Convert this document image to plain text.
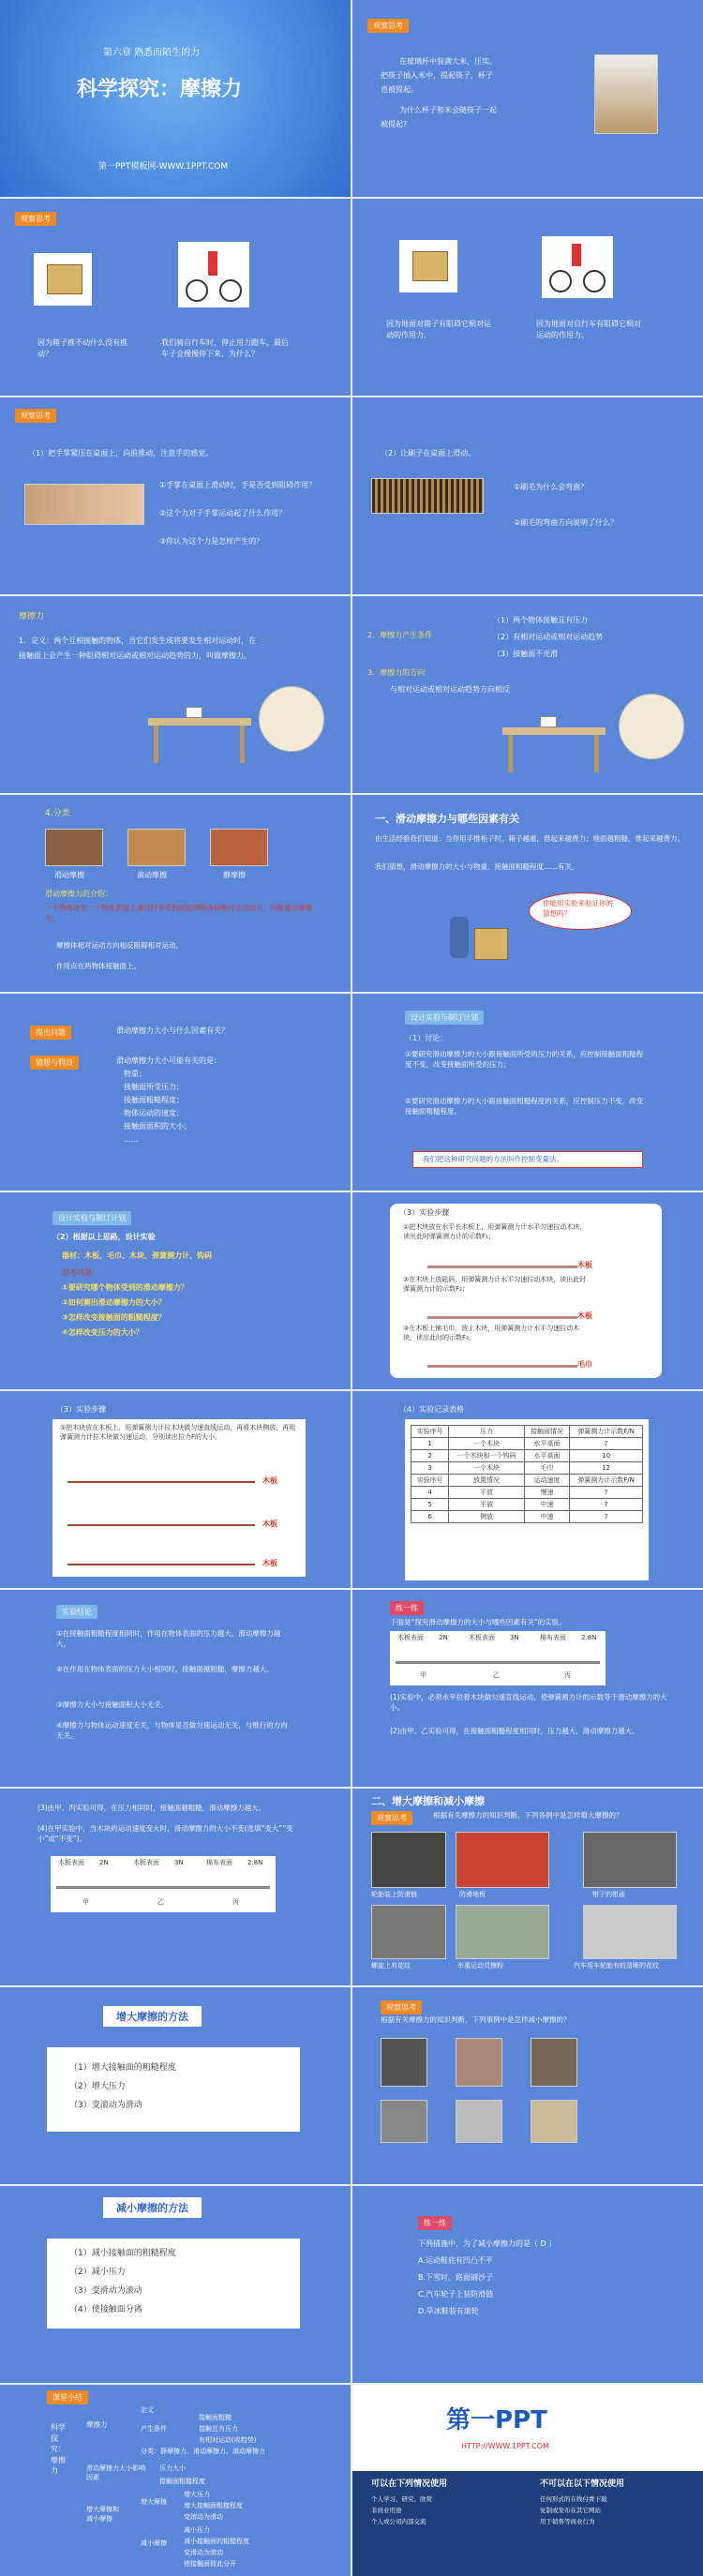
第六章 熟悉而陌生的力
科学探究：摩擦力
第一PPT模板网-WWW.1PPT.COM
观察思考
在玻璃杯中装满大米，压实。
把筷子插入米中，提起筷子，杯子
也被提起。
为什么杯子和米会随筷子一起
被提起?
观察思考
因为箱子推不动什么没有推动？
我们骑自行车时，停止用力蹬车，最后车子会慢慢停下来，为什么？
因为地面对箱子有阻碍它相对运动的作用力。
因为地面对自行车有阻碍它相对运动的作用力。
观察思考
（1）把手掌紧压在桌面上，向前推动，注意手的感觉。
①手掌在桌面上滑动时，手是否受到阻碍作用？
②这个力对于手掌运动起了什么作用？
③你认为这个力是怎样产生的？
（2）让刷子在桌面上滑动。
①刷毛为什么会弯曲？
②刷毛的弯曲方向说明了什么？
摩擦力
1．定义：两个互相接触的物体，当它们发生或将要发生相对运动时，在
接触面上会产生一种阻碍相对运动或相对运动趋势的力，叫做摩擦力。
2．摩擦力产生条件
（1）两个物体接触且有压力
（2）有相对运动或相对运动趋势
（3）接触面不光滑
3．摩擦力的方向
与相对运动或相对运动趋势方向相反
4.分类
滑动摩擦	滚动摩擦	静摩擦
滑动摩擦力的介绍：
一个物体在另一个物体表面上滑动时所受到的阻碍物体间相对运动的力，叫做滑动摩擦力。
摩擦体相对运动方向相反阻碍相对运动。
作用点在两物体接触面上。
一、滑动摩擦力与哪些因素有关
由生活经验我们知道：当你用手推柜子时，箱子越重，推起来越费力；地面越粗糙，推起来越费力。
我们猜想，滑动摩擦力的大小与物重、接触面粗糙程度……有关。
你能用实验来验证你的猜想吗？
提出问题	滑动摩擦力大小与什么因素有关？
猜想与假设	滑动摩擦力大小可能有关的是：
物重；
接触面所受压力；
接触面粗糙程度；
物体运动的速度；
接触面面积的大小；
……
设计实验与制订计划
（1）讨论：
①要研究滑动摩擦力的大小跟接触面所受的压力的关系，应控制接触面粗糙程度不变，改变接触面所受的压力；
②要研究滑动摩擦力的大小跟接触面粗糙程度的关系，应控制压力不变，改变接触面粗糙程度。
我们把这种研究问题的方法叫作控制变量法。
设计实验与制订计划
（2）根据以上思路，设计实验
器材：木板、毛巾、木块、弹簧测力计、钩码
思考问题：
①要研究哪个物体受到的滑动摩擦力？
②如何测出滑动摩擦力的大小？
③怎样改变接触面的粗糙程度？
④怎样改变压力的大小？
（3）实验步骤
①把木块放在水平长木板上，用弹簧测力计水平匀速拉动木块，读出此时弹簧测力计的示数F₁；
木板
②在木块上放砝码，用弹簧测力计水平匀速拉动木块，读出此时弹簧测力计的示数F₂；
木板
③在木板上铺毛巾，放上木块，用弹簧测力计水平匀速拉动木块，读出此时的示数F₃。
毛巾
（3）实验步骤
①把木块放在木板上，用弹簧测力计拉木块做匀速直线运动，再将木块侧放，再用弹簧测力计拉木块做匀速运动，分别读出拉力F的大小。
木板
木板
木板
（4）实验记录表格
实验序号	压力	接触面情况	弹簧测力计示数F/N
1	一个木块	水平桌面	?
2	一个木块和一个钩码	水平桌面	10
3	一个木块	毛巾	12
实验序号	放置情况	运动速度	弹簧测力计示数F/N
4	平放	慢速	?
5	平放	中速	?
6	侧放	中速	?
实验结论
①在接触面粗糙程度相同时，作用在物体表面的压力越大，滑动摩擦力越大。
②在作用在物体表面的压力大小相同时，接触面越粗糙，摩擦力越大。
③摩擦力大小与接触面积大小无关。
④摩擦力与物体运动速度无关，与物体是否做匀速运动无关，与推行的方向无关。
练一练
下面是“探究滑动摩擦力的大小与哪些因素有关”的实验。
木板表面 2N	木板表面 3N	棉布表面 2.8N
甲	乙	丙
(1)实验中，必须水平拉着木块做匀速直线运动，使弹簧测力计的示数等于滑动摩擦力的大小。
(2)由甲、乙实验可得，在接触面粗糙程度相同时，压力越大，滑动摩擦力越大。
(3)由甲、丙实验可得，在压力相同时，接触面越粗糙，滑动摩擦力越大。
(4)在甲实验中，当木块的运动速度变大时，滑动摩擦力的大小不变(选填“变大”“变小”或“不变”)。
木板表面 2N	木板表面 3N	棉布表面 2.8N
甲	乙	丙
二、增大摩擦和减小摩擦
观察思考	根据有关摩擦力的知识判断，下列各例中是怎样增大摩擦的？
轮胎装上防滑链	防滑地板	钳子的钳面
螺旋上有花纹	举重运动员擦粉	汽车用车轮胎有较清晰的花纹
增大摩擦的方法
（1）增大接触面的粗糙程度
（2）增大压力
（3）变滚动为滑动
观察思考
根据有关摩擦力的知识判断，下列事例中是怎样减小摩擦的？
减小摩擦的方法
（1）减小接触面的粗糙程度
（2）减小压力
（3）变滑动为滚动
（4）使接触面分离
练一练
下列措施中，为了减小摩擦力的是（ D ）
A.运动鞋底有凹凸不平
B.下雪时，路面铺沙子
C.汽车轮子上装防滑链
D.旱冰鞋装有滚轮
课堂小结
科学探究：摩擦力
摩擦力
定义
产生条件
分类：静摩擦力、滑动摩擦力、滚动摩擦力
接触面粗糙
接触且有压力
有相对运动(或趋势)
滑动摩擦力大小影响因素
压力大小
接触面粗糙程度
增大摩擦和减小摩擦
增大摩擦
增大压力
增大接触面粗糙程度
变滚动为滑动
减小摩擦
减小压力
减小接触面的粗糙程度
变滑动为滚动
使接触面彼此分开
第一PPT
HTTP://WWW.1PPT.COM
可以在下列情况使用	不可以在以下情况使用
个人学习、研究、欣赏
非商业用途
个人或公司内部交流
任何形式的在线付费下载
复制或发布在其它网站
用于销售等商业行为
